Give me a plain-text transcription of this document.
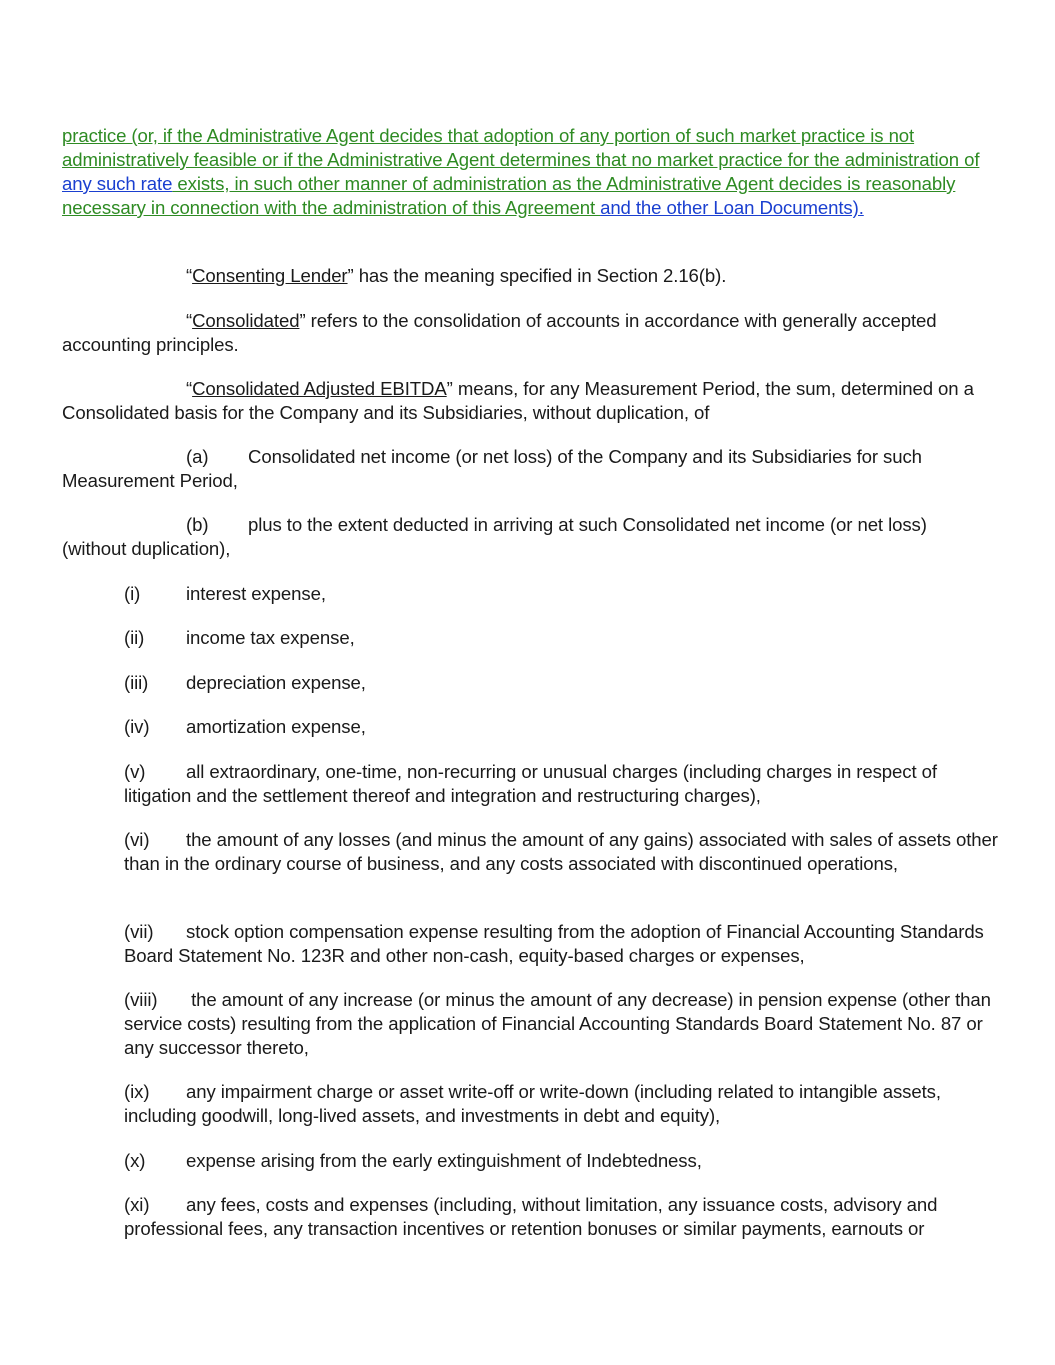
practice (or, if the Administrative Agent decides that adoption of any portion of such market practice is not administratively feasible or if the Administrative Agent determines that no market practice for the administration of any such rate exists, in such other manner of administration as the Administrative Agent decides is reasonably necessary in connection with the administration of this Agreement and the other Loan Documents).

“Consenting Lender” has the meaning specified in Section 2.16(b).

“Consolidated” refers to the consolidation of accounts in accordance with generally accepted accounting principles.

“Consolidated Adjusted EBITDA” means, for any Measurement Period, the sum, determined on a Consolidated basis for the Company and its Subsidiaries, without duplication, of

(a) Consolidated net income (or net loss) of the Company and its Subsidiaries for such Measurement Period,

(b) plus to the extent deducted in arriving at such Consolidated net income (or net loss) (without duplication),

(i) interest expense,

(ii) income tax expense,

(iii) depreciation expense,

(iv) amortization expense,

(v) all extraordinary, one-time, non-recurring or unusual charges (including charges in respect of litigation and the settlement thereof and integration and restructuring charges),

(vi) the amount of any losses (and minus the amount of any gains) associated with sales of assets other than in the ordinary course of business, and any costs associated with discontinued operations,

(vii) stock option compensation expense resulting from the adoption of Financial Accounting Standards Board Statement No. 123R and other non-cash, equity-based charges or expenses,

(viii) the amount of any increase (or minus the amount of any decrease) in pension expense (other than service costs) resulting from the application of Financial Accounting Standards Board Statement No. 87 or any successor thereto,

(ix) any impairment charge or asset write-off or write-down (including related to intangible assets, including goodwill, long-lived assets, and investments in debt and equity),

(x) expense arising from the early extinguishment of Indebtedness,

(xi) any fees, costs and expenses (including, without limitation, any issuance costs, advisory and professional fees, any transaction incentives or retention bonuses or similar payments, earnouts or
